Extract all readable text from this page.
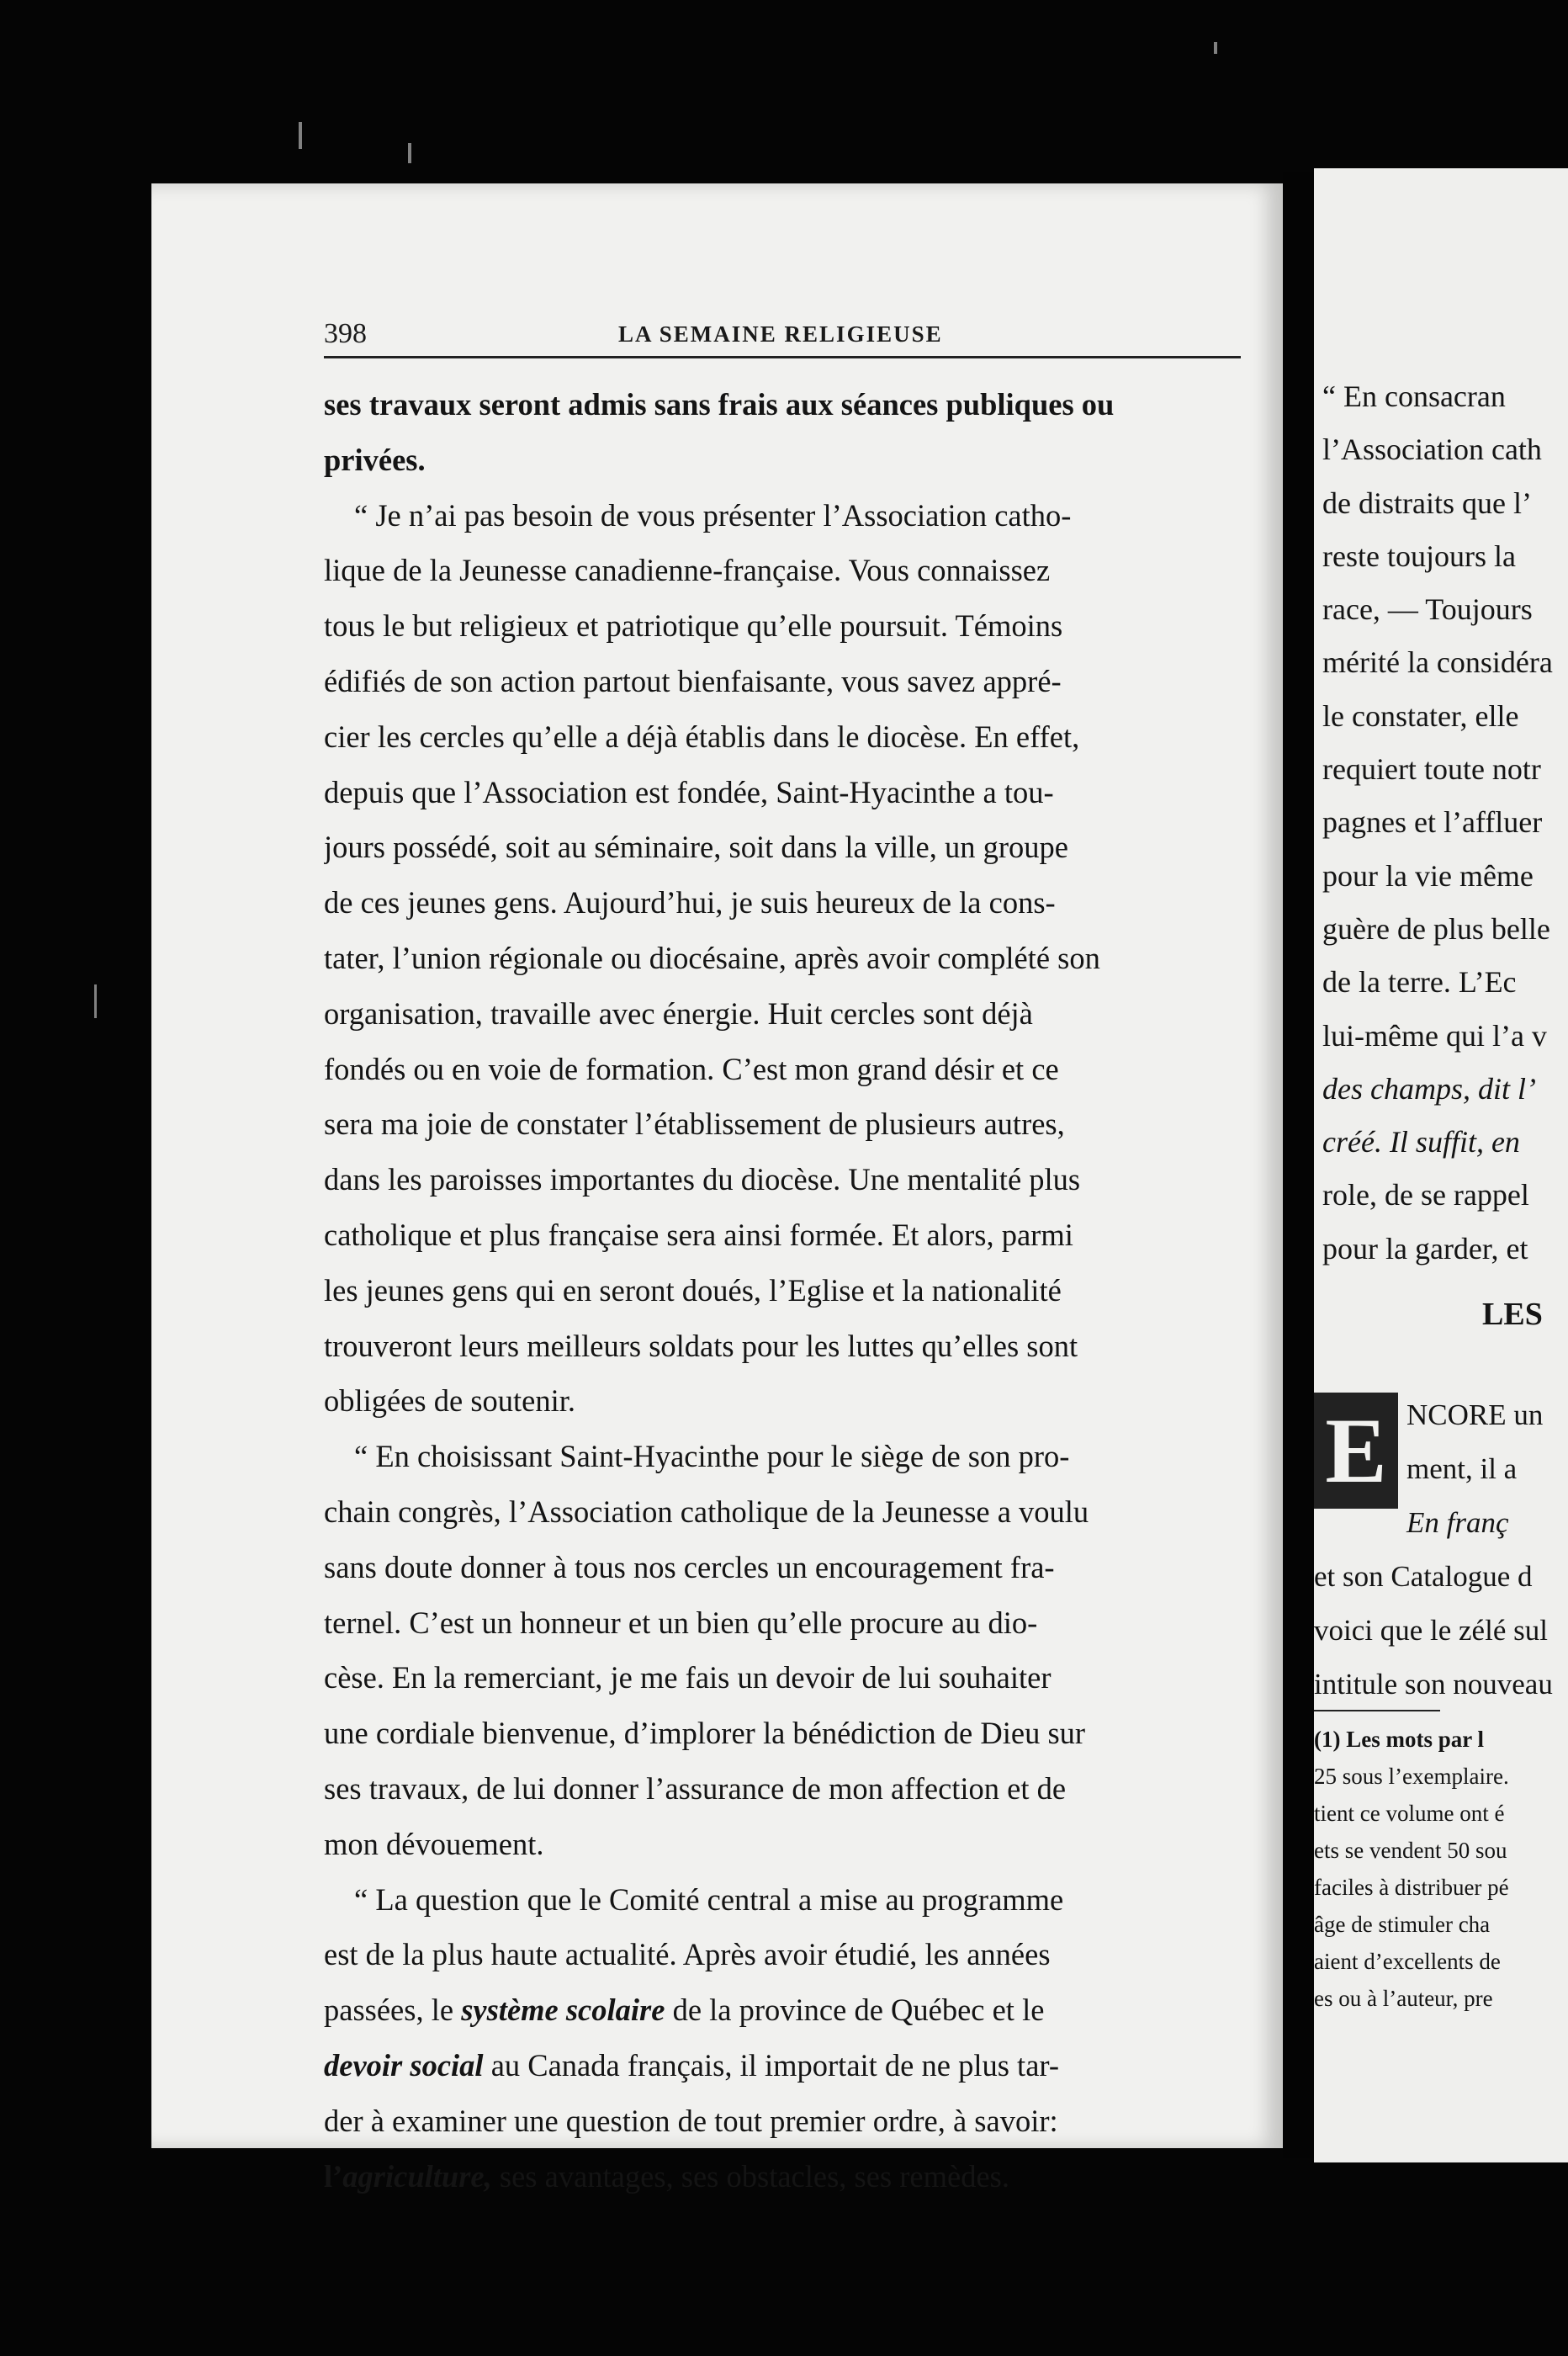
398	LA SEMAINE RELIGIEUSE
ses travaux seront admis sans frais aux séances publiques ou
privées.
“ Je n’ai pas besoin de vous présenter l’Association catho-
lique de la Jeunesse canadienne-française. Vous connaissez
tous le but religieux et patriotique qu’elle poursuit. Témoins
édifiés de son action partout bienfaisante, vous savez appré-
cier les cercles qu’elle a déjà établis dans le diocèse. En effet,
depuis que l’Association est fondée, Saint-Hyacinthe a tou-
jours possédé, soit au séminaire, soit dans la ville, un groupe
de ces jeunes gens. Aujourd’hui, je suis heureux de la cons-
tater, l’union régionale ou diocésaine, après avoir complété son
organisation, travaille avec énergie. Huit cercles sont déjà
fondés ou en voie de formation. C’est mon grand désir et ce
sera ma joie de constater l’établissement de plusieurs autres,
dans les paroisses importantes du diocèse. Une mentalité plus
catholique et plus française sera ainsi formée. Et alors, parmi
les jeunes gens qui en seront doués, l’Eglise et la nationalité
trouveront leurs meilleurs soldats pour les luttes qu’elles sont
obligées de soutenir.
“ En choisissant Saint-Hyacinthe pour le siège de son pro-
chain congrès, l’Association catholique de la Jeunesse a voulu
sans doute donner à tous nos cercles un encouragement fra-
ternel. C’est un honneur et un bien qu’elle procure au dio-
cèse. En la remerciant, je me fais un devoir de lui souhaiter
une cordiale bienvenue, d’implorer la bénédiction de Dieu sur
ses travaux, de lui donner l’assurance de mon affection et de
mon dévouement.
“ La question que le Comité central a mise au programme
est de la plus haute actualité. Après avoir étudié, les années
passées, le système scolaire de la province de Québec et le
devoir social au Canada français, il importait de ne plus tar-
der à examiner une question de tout premier ordre, à savoir:
l’agriculture, ses avantages, ses obstacles, ses remèdes.
“ En consacran
l’Association cath
de distraits que l’
reste toujours la
race, — Toujours
mérité la considéra
le constater, elle
requiert toute notr
pagnes et l’affluer
pour la vie même
guère de plus belle
de la terre. L’Ec
lui-même qui l’a v
des champs, dit l’
créé. Il suffit, en
role, de se rappel
pour la garder, et
LES
E NCORE un
ment, il a
En franç
et son Catalogue d
voici que le zélé sul
intitule son nouveau
(1) Les mots par l
25 sous l’exemplaire.
tient ce volume ont é
ets se vendent 50 sou
faciles à distribuer pé
âge de stimuler cha
aient d’excellents de
es ou à l’auteur, pre
